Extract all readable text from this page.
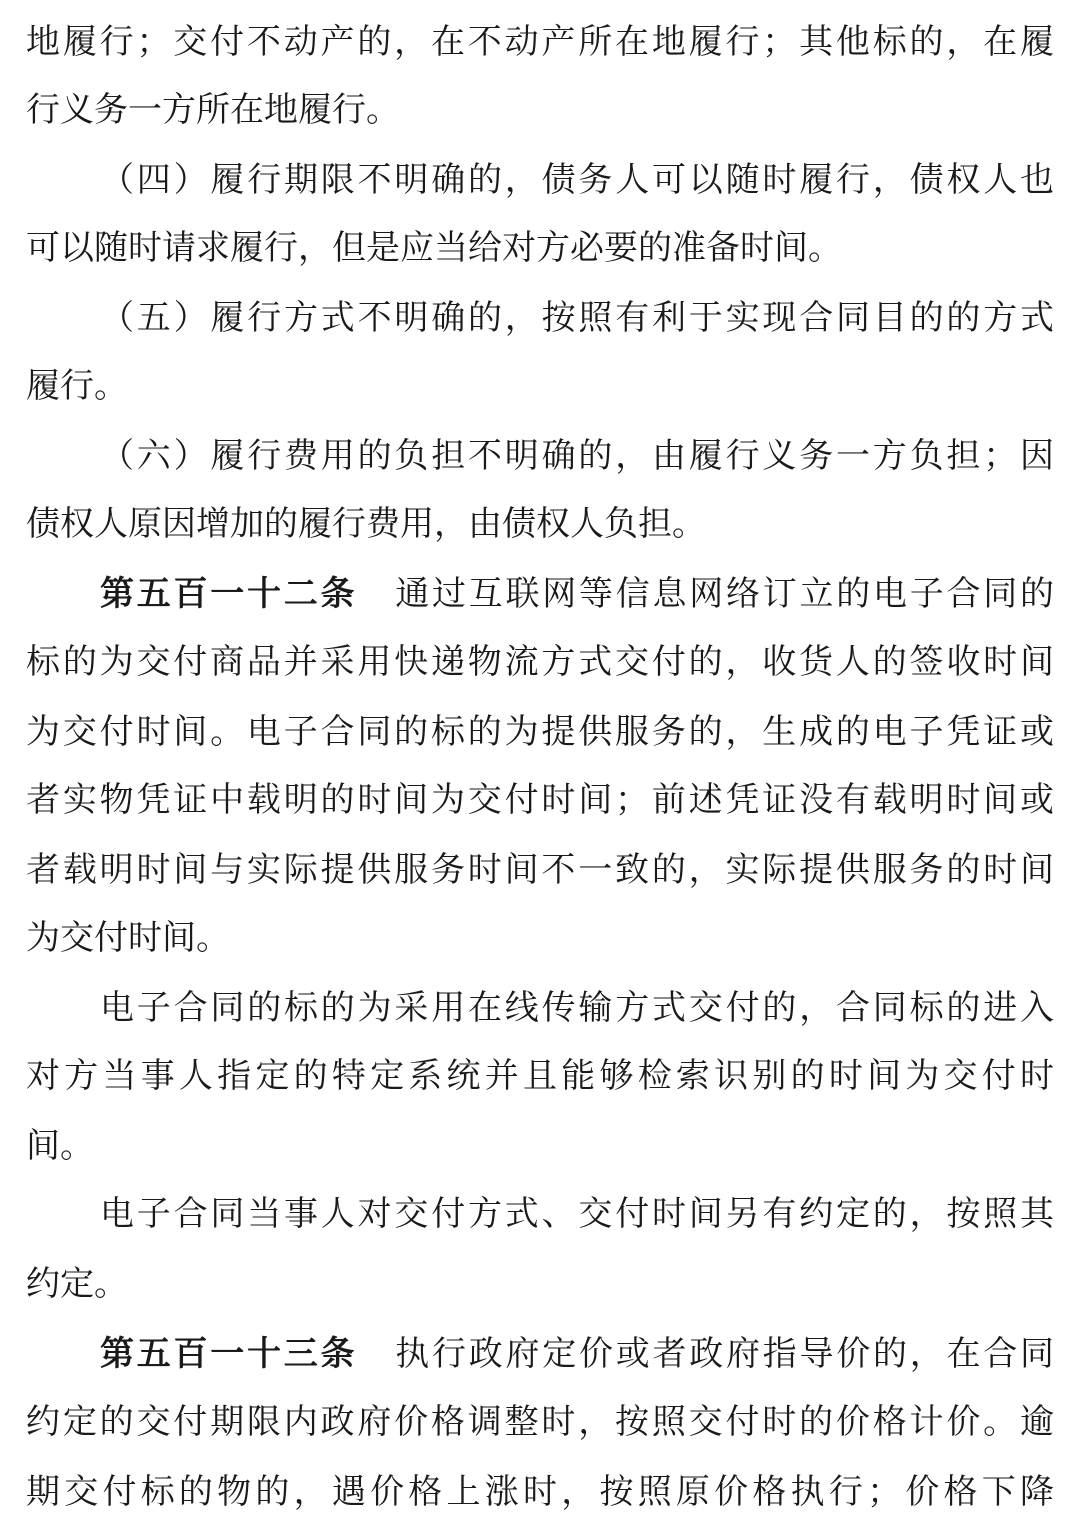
地履行；交付不动产的，在不动产所在地履行；其他标的，在履
行义务一方所在地履行。
（四）履行期限不明确的，债务人可以随时履行，债权人也
可以随时请求履行，但是应当给对方必要的准备时间。
（五）履行方式不明确的，按照有利于实现合同目的的方式
履行。
（六）履行费用的负担不明确的，由履行义务一方负担；因
债权人原因增加的履行费用，由债权人负担。
第五百一十二条 通过互联网等信息网络订立的电子合同的
标的为交付商品并采用快递物流方式交付的，收货人的签收时间
为交付时间。电子合同的标的为提供服务的，生成的电子凭证或
者实物凭证中载明的时间为交付时间；前述凭证没有载明时间或
者载明时间与实际提供服务时间不一致的，实际提供服务的时间
为交付时间。
电子合同的标的为采用在线传输方式交付的，合同标的进入
对方当事人指定的特定系统并且能够检索识别的时间为交付时
间。
电子合同当事人对交付方式、交付时间另有约定的，按照其
约定。
第五百一十三条 执行政府定价或者政府指导价的，在合同
约定的交付期限内政府价格调整时，按照交付时的价格计价。逾
期交付标的物的，遇价格上涨时，按照原价格执行；价格下降
